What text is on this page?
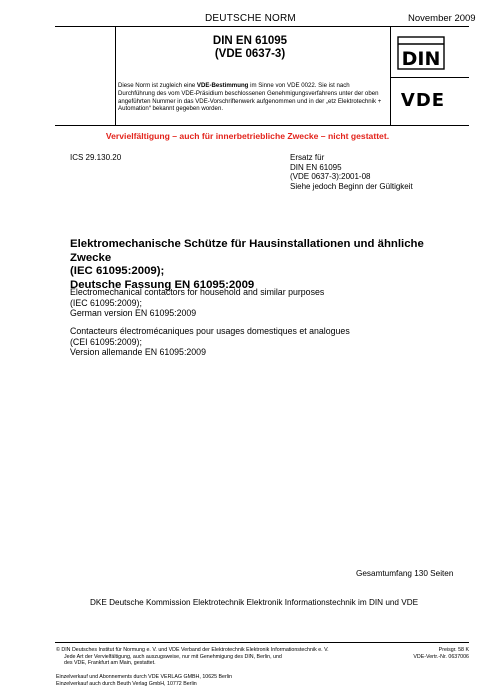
DEUTSCHE NORM	November 2009
DIN EN 61095
(VDE 0637-3)	DIN
Diese Norm ist zugleich eine VDE-Bestimmung im Sinne von VDE 0022. Sie ist nach Durchführung des vom VDE-Präsidium beschlossenen Genehmigungsverfahrens unter der oben angeführten Nummer in das VDE-Vorschriftenwerk aufgenommen und in der „etz Elektrotechnik + Automation“ bekannt gegeben worden.	VDE
Vervielfältigung – auch für innerbetriebliche Zwecke – nicht gestattet.
ICS 29.130.20	Ersatz für
DIN EN 61095
(VDE 0637-3):2001-08
Siehe jedoch Beginn der Gültigkeit
Elektromechanische Schütze für Hausinstallationen und ähnliche Zwecke
(IEC 61095:2009);
Deutsche Fassung EN 61095:2009
Electromechanical contactors for household and similar purposes
(IEC 61095:2009);
German version EN 61095:2009
Contacteurs électromécaniques pour usages domestiques et analogues
(CEI 61095:2009);
Version allemande EN 61095:2009
Gesamtumfang 130 Seiten
DKE Deutsche Kommission Elektrotechnik Elektronik Informationstechnik im DIN und VDE
© DIN Deutsches Institut für Normung e. V. und VDE Verband der Elektrotechnik Elektronik Informationstechnik e. V.
Jede Art der Vervielfältigung, auch auszugsweise, nur mit Genehmigung des DIN, Berlin, und
des VDE, Frankfurt am Main, gestattet.
Preisgr. 58 K
VDE-Vertr.-Nr. 0637006
Einzelverkauf und Abonnements durch VDE VERLAG GMBH, 10625 Berlin
Einzelverkauf auch durch Beuth Verlag GmbH, 10772 Berlin
